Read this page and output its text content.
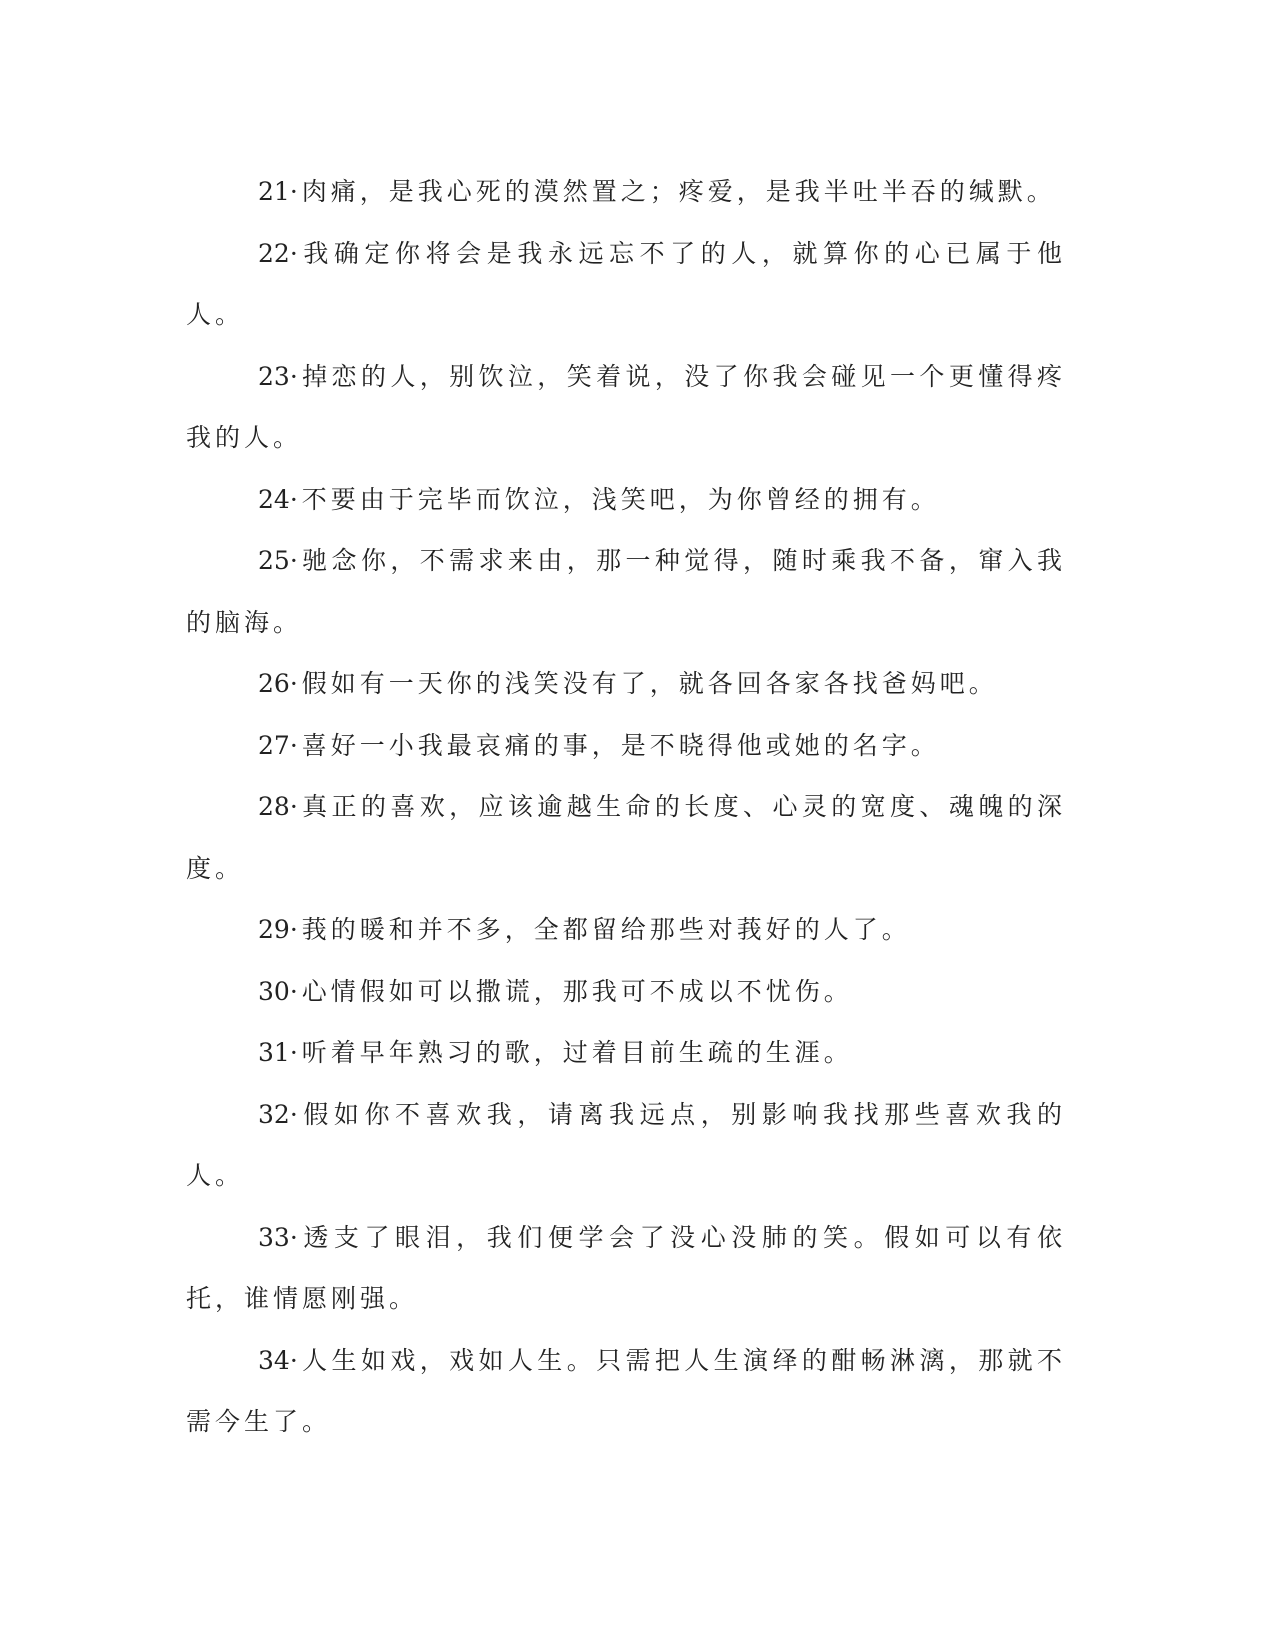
21·肉痛，是我心死的漠然置之；疼爱，是我半吐半吞的缄默。

22·我确定你将会是我永远忘不了的人，就算你的心已属于他人。

23·掉恋的人，别饮泣，笑着说，没了你我会碰见一个更懂得疼我的人。

24·不要由于完毕而饮泣，浅笑吧，为你曾经的拥有。

25·驰念你，不需求来由，那一种觉得，随时乘我不备，窜入我的脑海。

26·假如有一天你的浅笑没有了，就各回各家各找爸妈吧。

27·喜好一小我最哀痛的事，是不晓得他或她的名字。

28·真正的喜欢，应该逾越生命的长度、心灵的宽度、魂魄的深度。

29·莪的暖和并不多，全都留给那些对莪好的人了。

30·心情假如可以撒谎，那我可不成以不忧伤。

31·听着早年熟习的歌，过着目前生疏的生涯。

32·假如你不喜欢我，请离我远点，别影响我找那些喜欢我的人。

33·透支了眼泪，我们便学会了没心没肺的笑。假如可以有依托，谁情愿刚强。

34·人生如戏，戏如人生。只需把人生演绎的酣畅淋漓，那就不需今生了。
